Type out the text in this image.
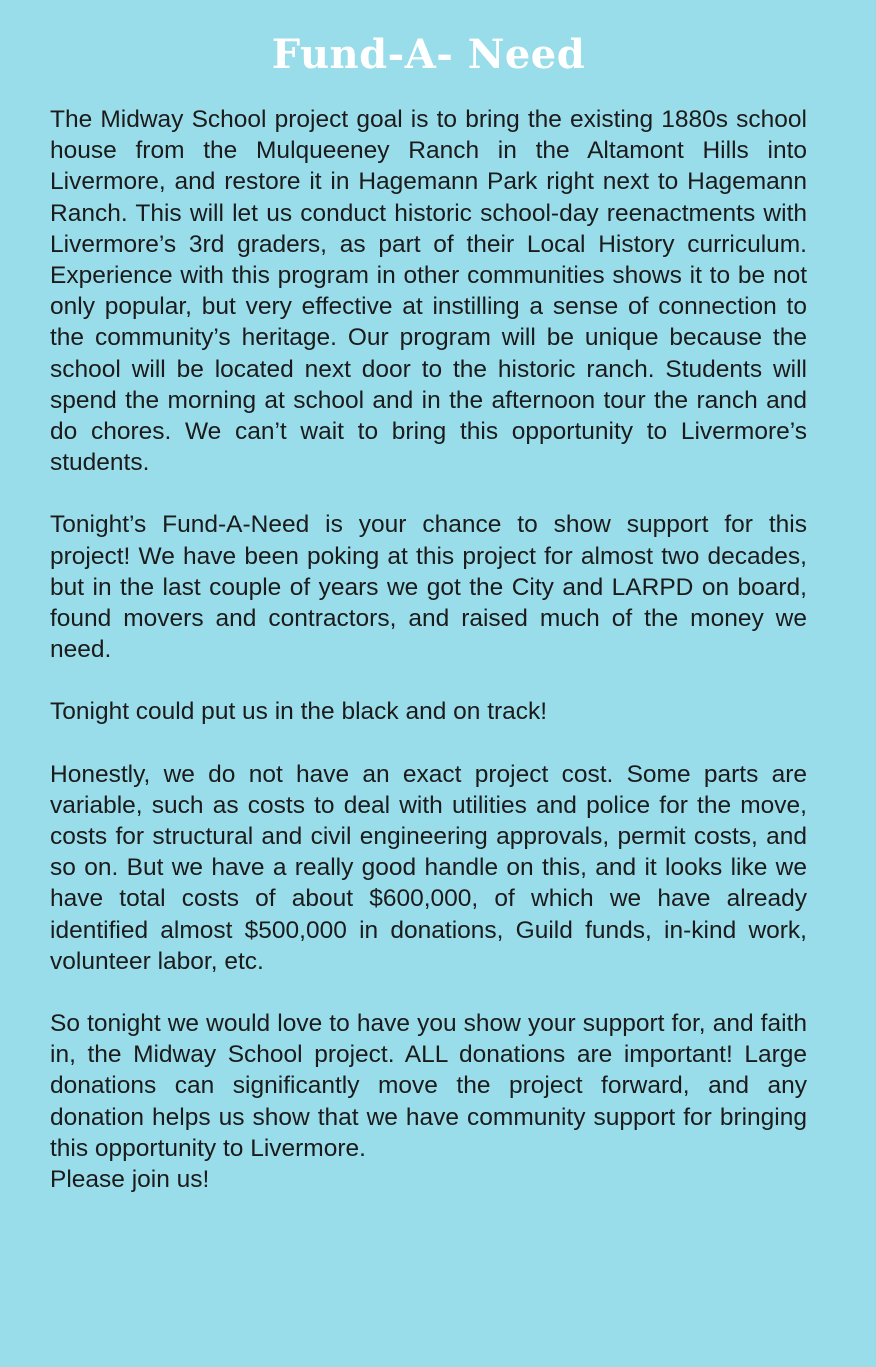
Fund-A- Need

The Midway School project goal is to bring the existing 1880s school house from the Mulqueeney Ranch in the Altamont Hills into Livermore, and restore it in Hagemann Park right next to Hagemann Ranch. This will let us conduct historic school-day reenactments with Livermore’s 3rd graders, as part of their Local History curriculum. Experience with this program in other communities shows it to be not only popular, but very effective at instilling a sense of connection to the community’s heritage. Our program will be unique because the school will be located next door to the historic ranch. Students will spend the morning at school and in the afternoon tour the ranch and do chores. We can’t wait to bring this opportunity to Livermore’s students.

Tonight’s Fund-A-Need is your chance to show support for this project! We have been poking at this project for almost two decades, but in the last couple of years we got the City and LARPD on board, found movers and contractors, and raised much of the money we need.

Tonight could put us in the black and on track!

Honestly, we do not have an exact project cost. Some parts are variable, such as costs to deal with utilities and police for the move, costs for structural and civil engineering approvals, permit costs, and so on. But we have a really good handle on this, and it looks like we have total costs of about $600,000, of which we have already identified almost $500,000 in donations, Guild funds, in-kind work, volunteer labor, etc.

So tonight we would love to have you show your support for, and faith in, the Midway School project. ALL donations are important! Large donations can significantly move the project forward, and any donation helps us show that we have community support for bringing this opportunity to Livermore.

Please join us!
